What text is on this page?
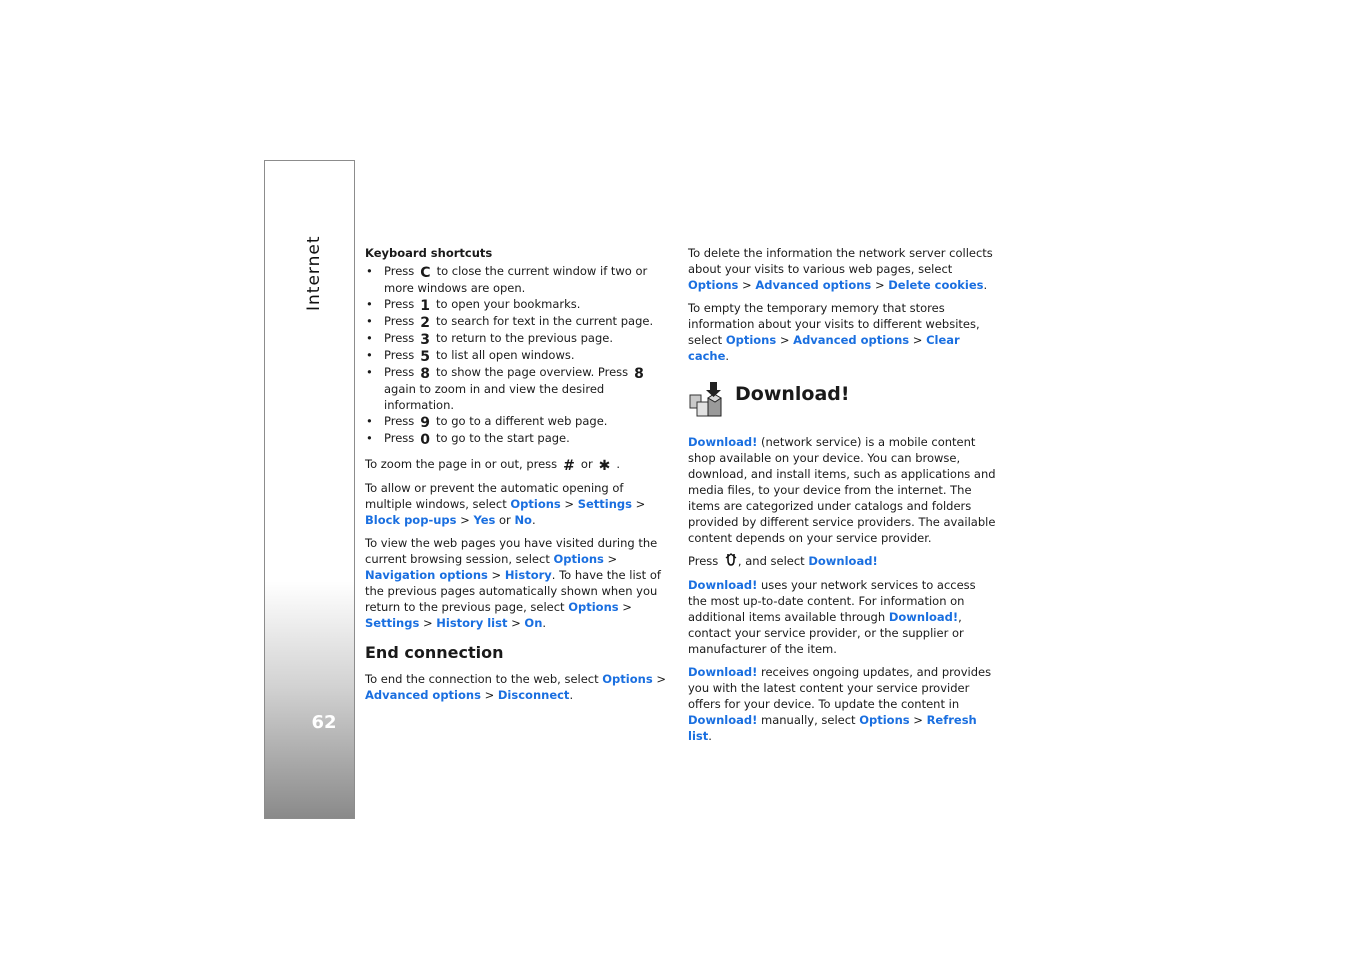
Internet
62
Keyboard shortcuts
• Press C to close the current window if two or more windows are open.
• Press 1 to open your bookmarks.
• Press 2 to search for text in the current page.
• Press 3 to return to the previous page.
• Press 5 to list all open windows.
• Press 8 to show the page overview. Press 8again to zoom in and view the desired information.
• Press 9 to go to a different web page.
• Press 0 to go to the start page.

To zoom the page in or out, press # or ✱ .

To allow or prevent the automatic opening of multiple windows, select Options > Settings > Block pop-ups > Yes or No.

To view the web pages you have visited during the current browsing session, select Options > Navigation options > History. To have the list of the previous pages automatically shown when you return to the previous page, select Options > Settings > History list > On.

End connection

To end the connection to the web, select Options > Advanced options > Disconnect.

To delete the information the network server collects about your visits to various web pages, select Options > Advanced options > Delete cookies.

To empty the temporary memory that stores information about your visits to different websites, select Options > Advanced options > Clear cache.

Download!

Download! (network service) is a mobile content shop available on your device. You can browse, download, and install items, such as applications and media files, to your device from the internet. The items are categorized under catalogs and folders provided by different service providers. The available content depends on your service provider.

Press , and select Download!

Download! uses your network services to access the most up-to-date content. For information on additional items available through Download!, contact your service provider, or the supplier or manufacturer of the item.

Download! receives ongoing updates, and provides you with the latest content your service provider offers for your device. To update the content in Download! manually, select Options > Refresh list.
